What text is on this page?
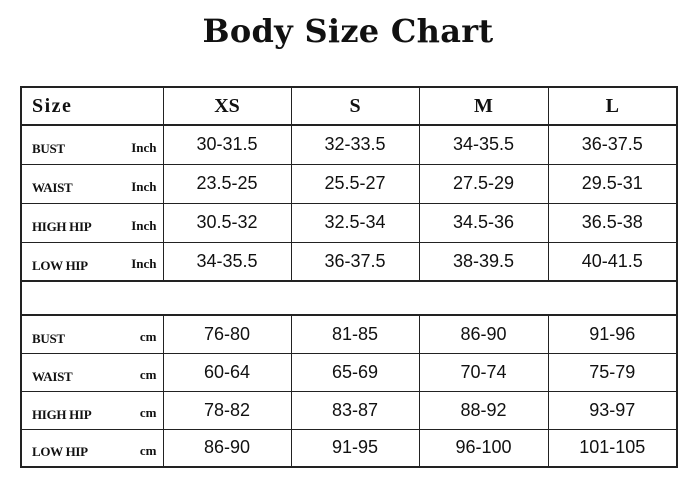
Body Size Chart
Size	XS	S	M	L
BUST Inch	30-31.5	32-33.5	34-35.5	36-37.5
WAIST Inch	23.5-25	25.5-27	27.5-29	29.5-31
HIGH HIP Inch	30.5-32	32.5-34	34.5-36	36.5-38
LOW HIP Inch	34-35.5	36-37.5	38-39.5	40-41.5

BUST cm	76-80	81-85	86-90	91-96
WAIST cm	60-64	65-69	70-74	75-79
HIGH HIP cm	78-82	83-87	88-92	93-97
LOW HIP cm	86-90	91-95	96-100	101-105
